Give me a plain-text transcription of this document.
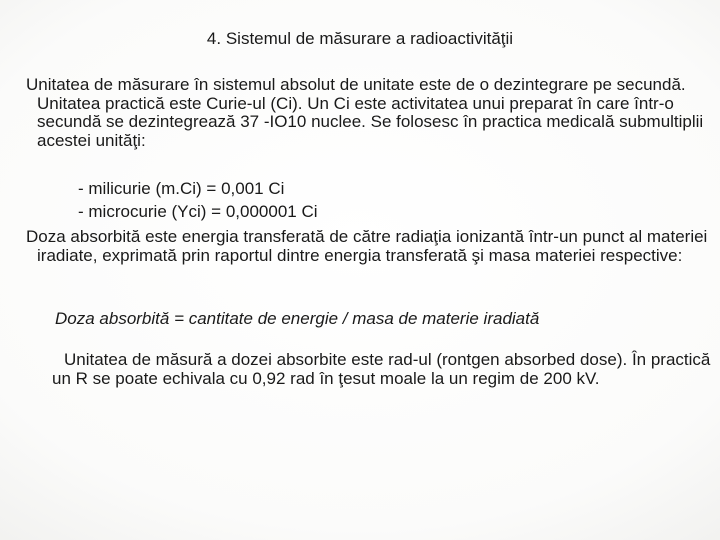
4. Sistemul de măsurare a radioactivităţii

Unitatea de măsurare în sistemul absolut de unitate este de o dezintegrare pe secundă. Unitatea practică este Curie-ul (Ci). Un Ci este activitatea unui preparat în care într-o secundă se dezintegrează 37 -IO10 nuclee. Se folosesc în practica medicală submultiplii acestei unităţi:

- milicurie (m.Ci) = 0,001 Ci

- microcurie (Yci) = 0,000001 Ci

Doza absorbită este energia transferată de către radiaţia ionizantă într-un punct al materiei iradiate, exprimată prin raportul dintre energia transferată şi masa materiei respective:

Doza absorbită = cantitate de energie / masa de materie iradiată

Unitatea de măsură a dozei absorbite este rad-ul (rontgen absorbed dose). În practică un R se poate echivala cu 0,92 rad în ţesut moale la un regim de 200 kV.
